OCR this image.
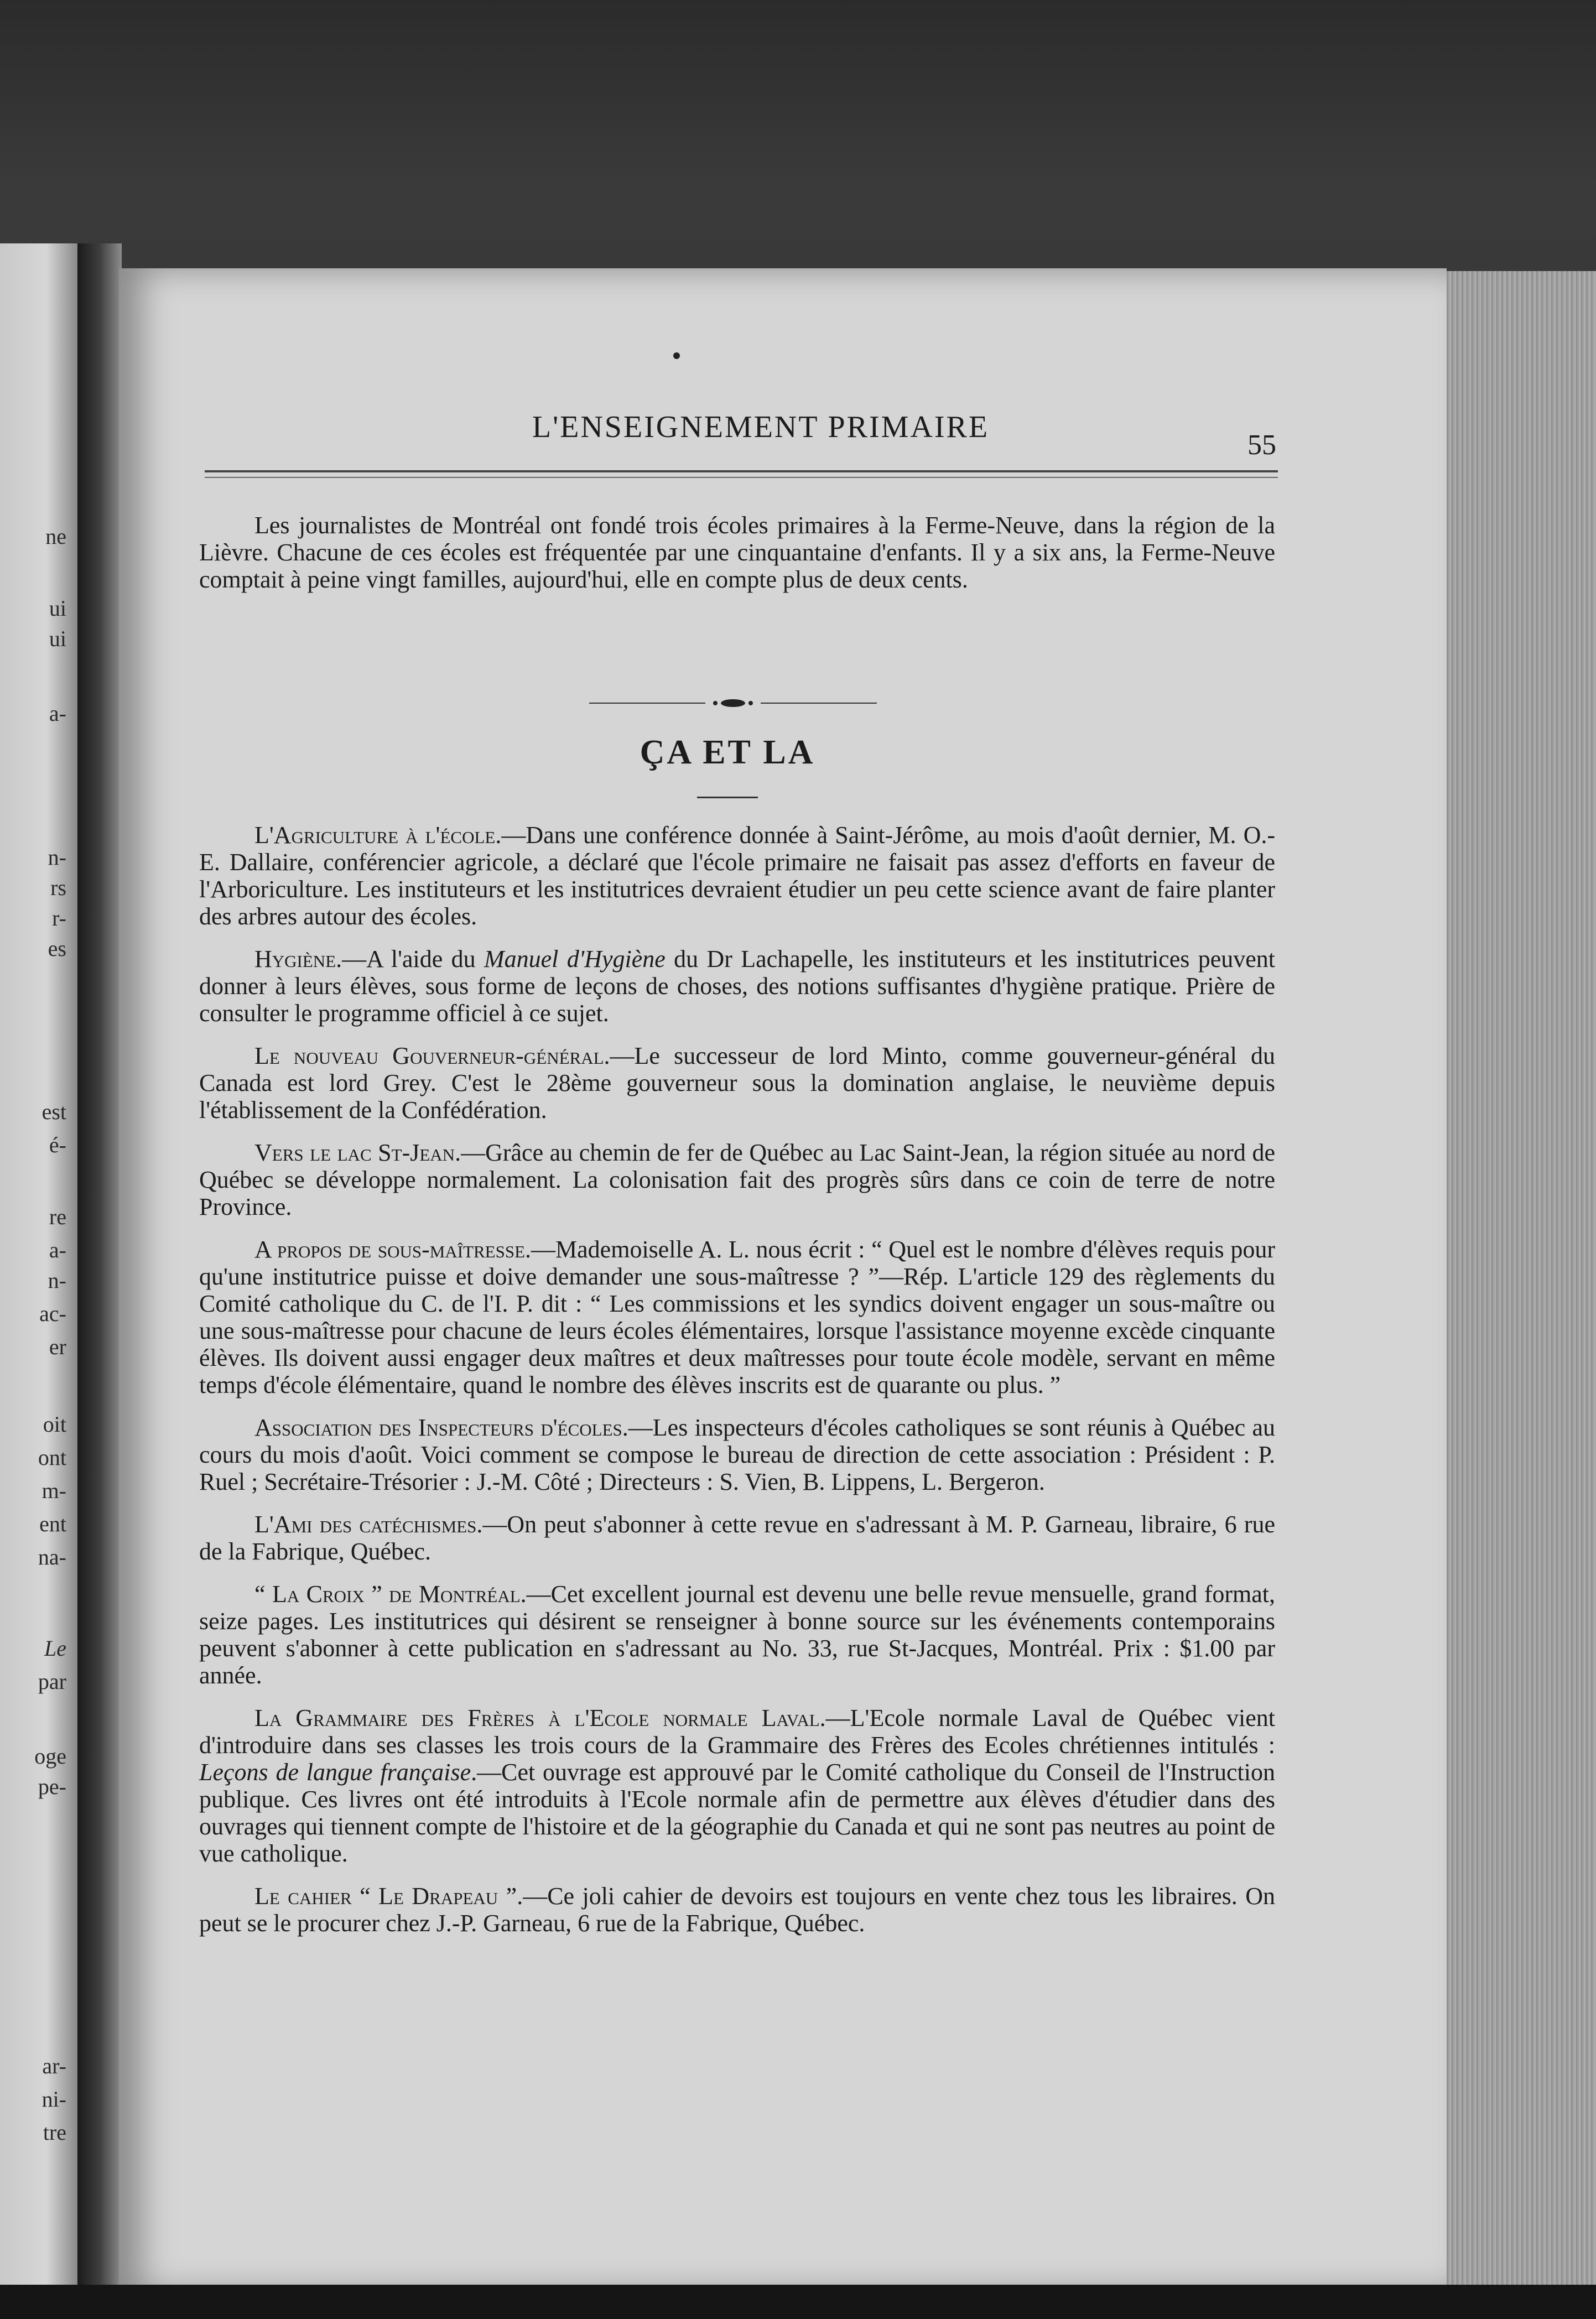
ne
ui
ui
a-
n-
rs
r-
es
est
é-
re
a-
n-
ac-
er
oit
ont
m-
ent
na-
Le
par
oge
pe-
ar-
ni-
tre
L'ENSEIGNEMENT PRIMAIRE
55

Les journalistes de Montréal ont fondé trois écoles primaires à la Ferme-Neuve, dans la région de la Lièvre. Chacune de ces écoles est fréquentée par une cinquantaine d'enfants. Il y a six ans, la Ferme-Neuve comptait à peine vingt familles, aujourd'hui, elle en compte plus de deux cents.

ÇA ET LA

L'Agriculture à l'école.—Dans une conférence donnée à Saint-Jérôme, au mois d'août dernier, M. O.-E. Dallaire, conférencier agricole, a déclaré que l'école primaire ne faisait pas assez d'efforts en faveur de l'Arboriculture. Les instituteurs et les institutrices devraient étudier un peu cette science avant de faire planter des arbres autour des écoles.

Hygiène.—A l'aide du Manuel d'Hygiène du Dr Lachapelle, les instituteurs et les institutrices peuvent donner à leurs élèves, sous forme de leçons de choses, des notions suffisantes d'hygiène pratique. Prière de consulter le programme officiel à ce sujet.

Le nouveau Gouverneur-général.—Le successeur de lord Minto, comme gouverneur-général du Canada est lord Grey. C'est le 28ème gouverneur sous la domination anglaise, le neuvième depuis l'établissement de la Confédération.

Vers le lac St-Jean.—Grâce au chemin de fer de Québec au Lac Saint-Jean, la région située au nord de Québec se développe normalement. La colonisation fait des progrès sûrs dans ce coin de terre de notre Province.

A propos de sous-maîtresse.—Mademoiselle A. L. nous écrit : “ Quel est le nombre d'élèves requis pour qu'une institutrice puisse et doive demander une sous-maîtresse ? ”—Rép. L'article 129 des règlements du Comité catholique du C. de l'I. P. dit : “ Les commissions et les syndics doivent engager un sous-maître ou une sous-maîtresse pour chacune de leurs écoles élémentaires, lorsque l'assistance moyenne excède cinquante élèves. Ils doivent aussi engager deux maîtres et deux maîtresses pour toute école modèle, servant en même temps d'école élémentaire, quand le nombre des élèves inscrits est de quarante ou plus. ”

Association des Inspecteurs d'écoles.—Les inspecteurs d'écoles catholiques se sont réunis à Québec au cours du mois d'août. Voici comment se compose le bureau de direction de cette association : Président : P. Ruel ; Secrétaire-Trésorier : J.-M. Côté ; Directeurs : S. Vien, B. Lippens, L. Bergeron.

L'Ami des catéchismes.—On peut s'abonner à cette revue en s'adressant à M. P. Garneau, libraire, 6 rue de la Fabrique, Québec.

“ La Croix ” de Montréal.—Cet excellent journal est devenu une belle revue mensuelle, grand format, seize pages. Les institutrices qui désirent se renseigner à bonne source sur les événements contemporains peuvent s'abonner à cette publication en s'adressant au No. 33, rue St-Jacques, Montréal. Prix : $1.00 par année.

La Grammaire des Frères à l'Ecole normale Laval.—L'Ecole normale Laval de Québec vient d'introduire dans ses classes les trois cours de la Grammaire des Frères des Ecoles chrétiennes intitulés : Leçons de langue française.—Cet ouvrage est approuvé par le Comité catholique du Conseil de l'Instruction publique. Ces livres ont été introduits à l'Ecole normale afin de permettre aux élèves d'étudier dans des ouvrages qui tiennent compte de l'histoire et de la géographie du Canada et qui ne sont pas neutres au point de vue catholique.

Le cahier “ Le Drapeau ”.—Ce joli cahier de devoirs est toujours en vente chez tous les libraires. On peut se le procurer chez J.-P. Garneau, 6 rue de la Fabrique, Québec.
